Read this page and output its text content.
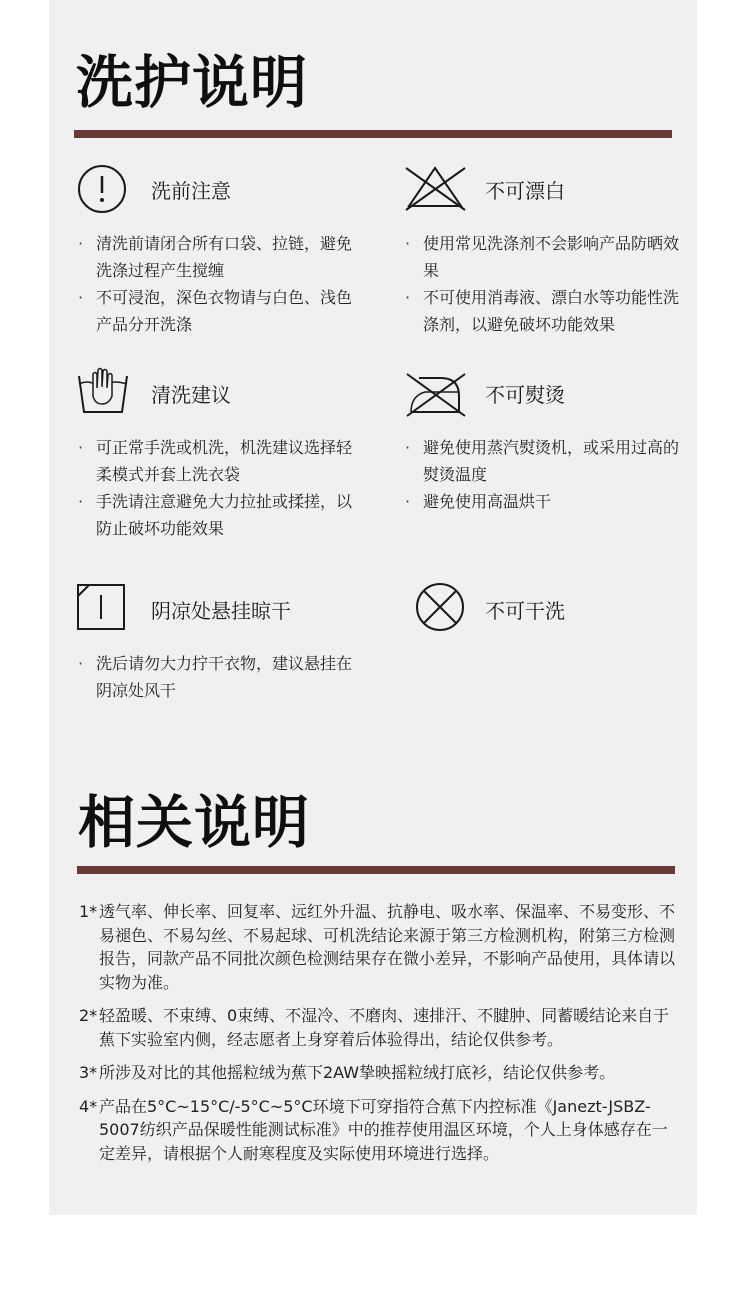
洗护说明
洗前注意
· 清洗前请闭合所有口袋、拉链，避免洗涤过程产生搅缠
· 不可浸泡，深色衣物请与白色、浅色产品分开洗涤
不可漂白
· 使用常见洗涤剂不会影响产品防晒效果
· 不可使用消毒液、漂白水等功能性洗涤剂，以避免破坏功能效果
清洗建议
· 可正常手洗或机洗，机洗建议选择轻柔模式并套上洗衣袋
· 手洗请注意避免大力拉扯或揉搓，以防止破坏功能效果
不可熨烫
· 避免使用蒸汽熨烫机，或采用过高的熨烫温度
· 避免使用高温烘干
阴凉处悬挂晾干
· 洗后请勿大力拧干衣物，建议悬挂在阴凉处风干
不可干洗
相关说明
1* 透气率、伸长率、回复率、远红外升温、抗静电、吸水率、保温率、不易变形、不易褪色、不易勾丝、不易起球、可机洗结论来源于第三方检测机构，附第三方检测报告，同款产品不同批次颜色检测结果存在微小差异，不影响产品使用，具体请以实物为准。
2* 轻盈暖、不束缚、0束缚、不湿冷、不磨肉、速排汗、不腱肿、同蓄暖结论来自于蕉下实验室内侧，经志愿者上身穿着后体验得出，结论仅供参考。
3* 所涉及对比的其他摇粒绒为蕉下2AW挚映摇粒绒打底衫，结论仅供参考。
4* 产品在5°C~15°C/-5°C~5°C环境下可穿指符合蕉下内控标准《Janezt-JSBZ-5007纺织产品保暖性能测试标准》中的推荐使用温区环境，个人上身体感存在一定差异，请根据个人耐寒程度及实际使用环境进行选择。
